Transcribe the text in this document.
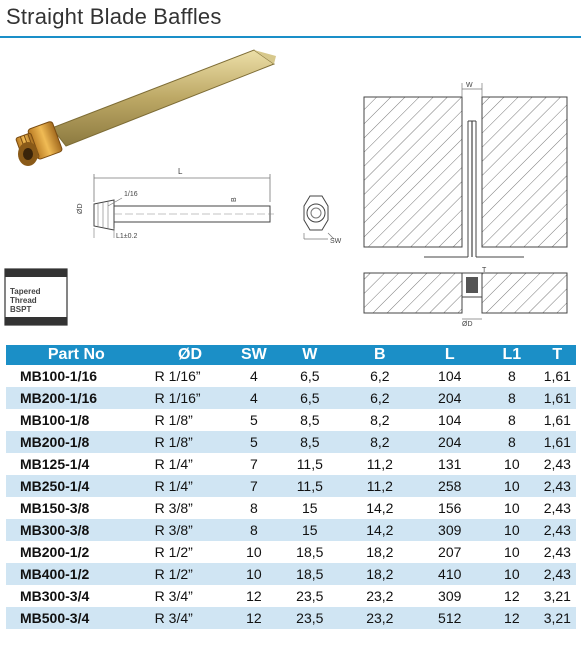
Straight Blade Baffles
L
1/16
ØD
B
L1±0.2
SW
W
T
ØD
Tapered
Thread
BSPT
Part No	ØD	SW	W	B	L	L1	T
MB100-1/16	R 1/16”	4	6,5	6,2	104	8	1,61
MB200-1/16	R 1/16”	4	6,5	6,2	204	8	1,61
MB100-1/8	R 1/8”	5	8,5	8,2	104	8	1,61
MB200-1/8	R 1/8”	5	8,5	8,2	204	8	1,61
MB125-1/4	R 1/4”	7	11,5	11,2	131	10	2,43
MB250-1/4	R 1/4”	7	11,5	11,2	258	10	2,43
MB150-3/8	R 3/8”	8	15	14,2	156	10	2,43
MB300-3/8	R 3/8”	8	15	14,2	309	10	2,43
MB200-1/2	R 1/2”	10	18,5	18,2	207	10	2,43
MB400-1/2	R 1/2”	10	18,5	18,2	410	10	2,43
MB300-3/4	R 3/4”	12	23,5	23,2	309	12	3,21
MB500-3/4	R 3/4”	12	23,5	23,2	512	12	3,21
